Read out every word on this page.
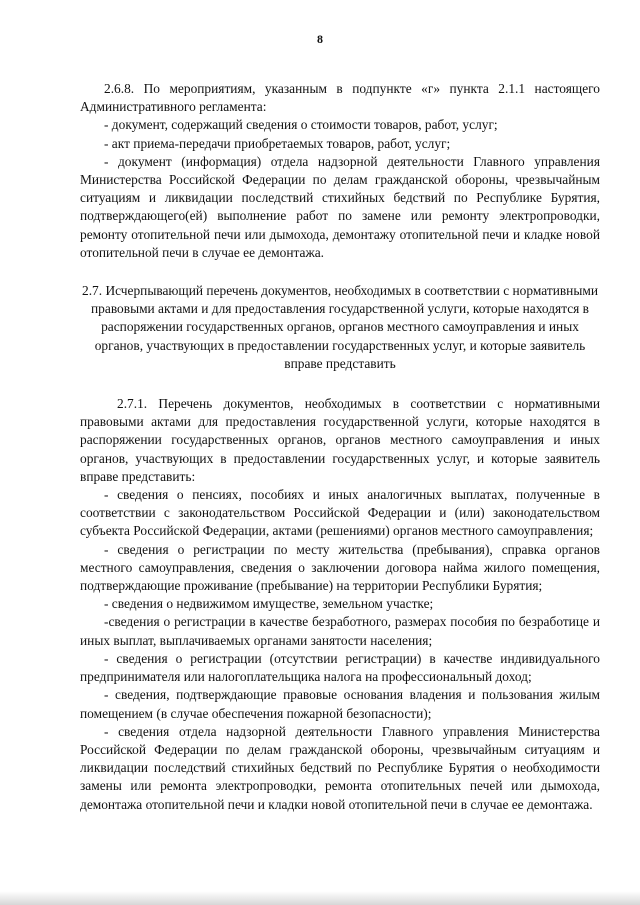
8

2.6.8. По мероприятиям, указанным в подпункте «г» пункта 2.1.1 настоящего Административного регламента:

- документ, содержащий сведения о стоимости товаров, работ, услуг;

- акт приема-передачи приобретаемых товаров, работ, услуг;

- документ (информация) отдела надзорной деятельности Главного управления Министерства Российской Федерации по делам гражданской обороны, чрезвычайным ситуациям и ликвидации последствий стихийных бедствий по Республике Бурятия, подтверждающего(ей) выполнение работ по замене или ремонту электропроводки, ремонту отопительной печи или дымохода, демонтажу отопительной печи и кладке новой отопительной печи в случае ее демонтажа.

2.7. Исчерпывающий перечень документов, необходимых в соответствии с нормативными правовыми актами и для предоставления государственной услуги, которые находятся в распоряжении государственных органов, органов местного самоуправления и иных органов, участвующих в предоставлении государственных услуг, и которые заявитель вправе представить

2.7.1. Перечень документов, необходимых в соответствии с нормативными правовыми актами для предоставления государственной услуги, которые находятся в распоряжении государственных органов, органов местного самоуправления и иных органов, участвующих в предоставлении государственных услуг, и которые заявитель вправе представить:

- сведения о пенсиях, пособиях и иных аналогичных выплатах, полученные в соответствии с законодательством Российской Федерации и (или) законодательством субъекта Российской Федерации, актами (решениями) органов местного самоуправления;

- сведения о регистрации по месту жительства (пребывания), справка органов местного самоуправления, сведения о заключении договора найма жилого помещения, подтверждающие проживание (пребывание) на территории Республики Бурятия;

- сведения о недвижимом имуществе, земельном участке;

-сведения о регистрации в качестве безработного, размерах пособия по безработице и иных выплат, выплачиваемых органами занятости населения;

- сведения о регистрации (отсутствии регистрации) в качестве индивидуального предпринимателя или налогоплательщика налога на профессиональный доход;

- сведения, подтверждающие правовые основания владения и пользования жилым помещением (в случае обеспечения пожарной безопасности);

- сведения отдела надзорной деятельности Главного управления Министерства Российской Федерации по делам гражданской обороны, чрезвычайным ситуациям и ликвидации последствий стихийных бедствий по Республике Бурятия о необходимости замены или ремонта электропроводки, ремонта отопительных печей или дымохода, демонтажа отопительной печи и кладки новой отопительной печи в случае ее демонтажа.
